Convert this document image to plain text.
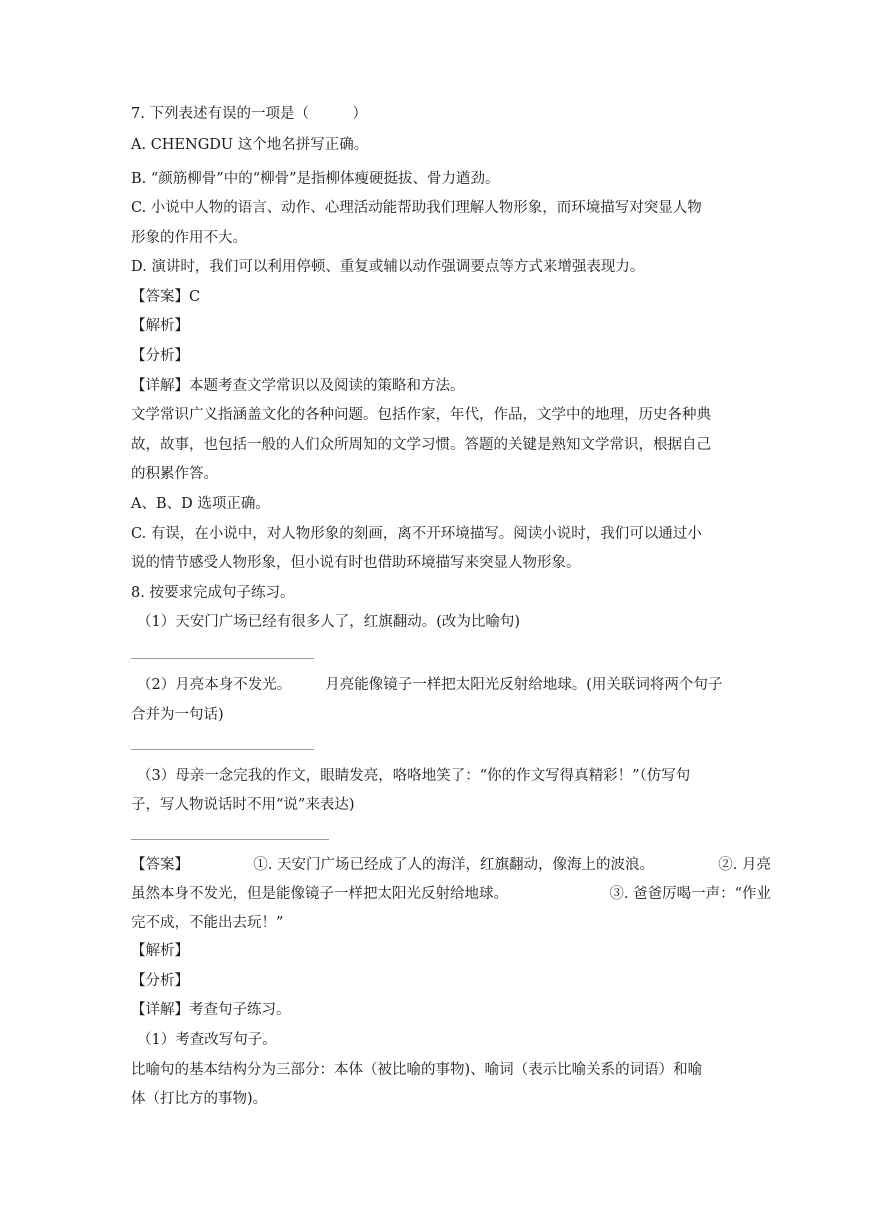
7. 下列表述有误的一项是（　　　）
A. CHENGDU 这个地名拼写正确。
B. “颜筋柳骨”中的“柳骨”是指柳体瘦硬挺拔、骨力遒劲。
C. 小说中人物的语言、动作、心理活动能帮助我们理解人物形象，而环境描写对突显人物
形象的作用不大。
D. 演讲时，我们可以利用停顿、重复或辅以动作强调要点等方式来增强表现力。
【答案】C
【解析】
【分析】
【详解】本题考查文学常识以及阅读的策略和方法。
文学常识广义指涵盖文化的各种问题。包括作家，年代，作品，文学中的地理，历史各种典
故，故事，也包括一般的人们众所周知的文学习惯。答题的关键是熟知文学常识，根据自己
的积累作答。
A、B、D 选项正确。
C. 有误，在小说中，对人物形象的刻画，离不开环境描写。阅读小说时，我们可以通过小
说的情节感受人物形象，但小说有时也借助环境描写来突显人物形象。
8. 按要求完成句子练习。
（1）天安门广场已经有很多人了，红旗翻动。(改为比喻句)
（2）月亮本身不发光。 月亮能像镜子一样把太阳光反射给地球。(用关联词将两个句子
合并为一句话)
（3）母亲一念完我的作文，眼睛发亮，咯咯地笑了：“你的作文写得真精彩！”（仿写句
子，写人物说话时不用“说”来表达)
【答案】	①. 天安门广场已经成了人的海洋，红旗翻动，像海上的波浪。	②. 月亮
虽然本身不发光，但是能像镜子一样把太阳光反射给地球。	③. 爸爸厉喝一声：“作业
完不成，不能出去玩！”
【解析】
【分析】
【详解】考查句子练习。
（1）考查改写句子。
比喻句的基本结构分为三部分：本体（被比喻的事物)、喻词（表示比喻关系的词语）和喻
体（打比方的事物)。
